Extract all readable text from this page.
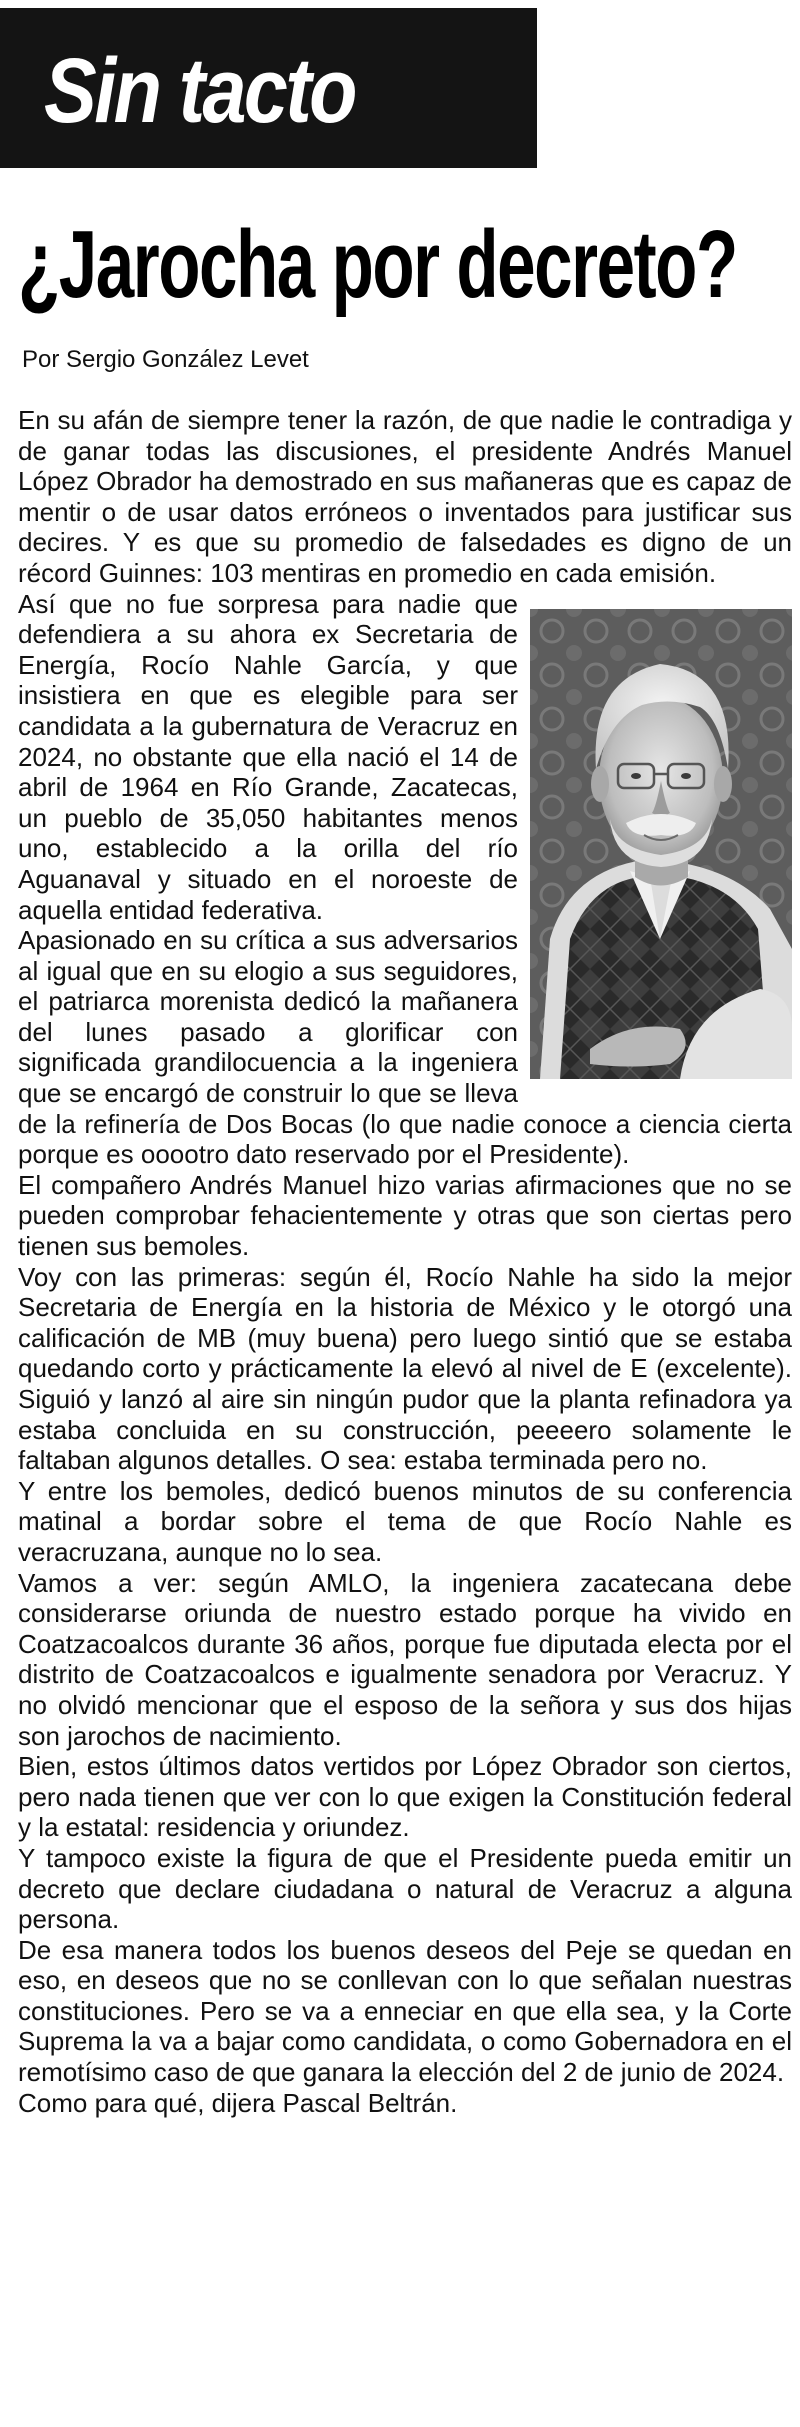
Sin tacto
¿Jarocha por decreto?
Por Sergio González Levet

En su afán de siempre tener la razón, de que nadie le contradiga y de ganar todas las discusiones, el presidente Andrés Manuel López Obrador ha demostrado en sus mañaneras que es capaz de mentir o de usar datos erróneos o inventados para justificar sus decires. Y es que su promedio de falsedades es digno de un récord Guinnes: 103 mentiras en promedio en cada emisión.

Así que no fue sorpresa para nadie que defendiera a su ahora ex Secretaria de Energía, Rocío Nahle García, y que insistiera en que es elegible para ser candidata a la gubernatura de Veracruz en 2024, no obstante que ella nació el 14 de abril de 1964 en Río Grande, Zacatecas, un pueblo de 35,050 habitantes menos uno, establecido a la orilla del río Aguanaval y situado en el noroeste de aquella entidad federativa.

Apasionado en su crítica a sus adversarios al igual que en su elogio a sus seguidores, el patriarca morenista dedicó la mañanera del lunes pasado a glorificar con significada grandilocuencia a la ingeniera que se encargó de construir lo que se lleva de la refinería de Dos Bocas (lo que nadie conoce a ciencia cierta porque es ooootro dato reservado por el Presidente).

El compañero Andrés Manuel hizo varias afirmaciones que no se pueden comprobar fehacientemente y otras que son ciertas pero tienen sus bemoles.

Voy con las primeras: según él, Rocío Nahle ha sido la mejor Secretaria de Energía en la historia de México y le otorgó una calificación de MB (muy buena) pero luego sintió que se estaba quedando corto y prácticamente la elevó al nivel de E (excelente). Siguió y lanzó al aire sin ningún pudor que la planta refinadora ya estaba concluida en su construcción, peeeero solamente le faltaban algunos detalles. O sea: estaba terminada pero no.

Y entre los bemoles, dedicó buenos minutos de su conferencia matinal a bordar sobre el tema de que Rocío Nahle es veracruzana, aunque no lo sea.

Vamos a ver: según AMLO, la ingeniera zacatecana debe considerarse oriunda de nuestro estado porque ha vivido en Coatzacoalcos durante 36 años, porque fue diputada electa por el distrito de Coatzacoalcos e igualmente senadora por Veracruz. Y no olvidó mencionar que el esposo de la señora y sus dos hijas son jarochos de nacimiento.

Bien, estos últimos datos vertidos por López Obrador son ciertos, pero nada tienen que ver con lo que exigen la Constitución federal y la estatal: residencia y oriundez.

Y tampoco existe la figura de que el Presidente pueda emitir un decreto que declare ciudadana o natural de Veracruz a alguna persona.

De esa manera todos los buenos deseos del Peje se quedan en eso, en deseos que no se conllevan con lo que señalan nuestras constituciones. Pero se va a enneciar en que ella sea, y la Corte Suprema la va a bajar como candidata, o como Gobernadora en el remotísimo caso de que ganara la elección del 2 de junio de 2024.

Como para qué, dijera Pascal Beltrán.
